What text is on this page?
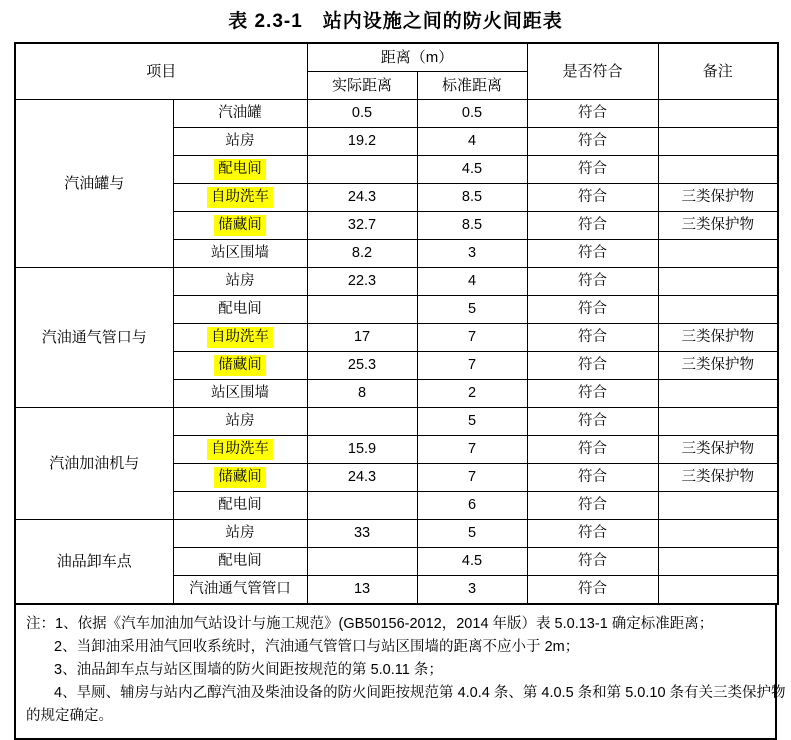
表 2.3-1　站内设施之间的防火间距表
项目		距离（m）		是否符合	备注
		实际距离	标准距离		
汽油罐与	汽油罐	0.5	0.5	符合	
	站房	19.2	4	符合	
	配电间		4.5	符合	
	自助洗车	24.3	8.5	符合	三类保护物
	储藏间	32.7	8.5	符合	三类保护物
	站区围墙	8.2	3	符合	
汽油通气管口与	站房	22.3	4	符合	
	配电间		5	符合	
	自助洗车	17	7	符合	三类保护物
	储藏间	25.3	7	符合	三类保护物
	站区围墙	8	2	符合	
汽油加油机与	站房		5	符合	
	自助洗车	15.9	7	符合	三类保护物
	储藏间	24.3	7	符合	三类保护物
	配电间		6	符合	
油品卸车点	站房	33	5	符合	
	配电间		4.5	符合	
	汽油通气管管口	13	3	符合	
注：1、依据《汽车加油加气站设计与施工规范》(GB50156-2012，2014 年版）表 5.0.13-1 确定标准距离；
2、当卸油采用油气回收系统时，汽油通气管管口与站区围墙的距离不应小于 2m；
3、油品卸车点与站区围墙的防火间距按规范的第 5.0.11 条；
4、旱厕、辅房与站内乙醇汽油及柴油设备的防火间距按规范第 4.0.4 条、第 4.0.5 条和第 5.0.10 条有关三类保护物
的规定确定。
